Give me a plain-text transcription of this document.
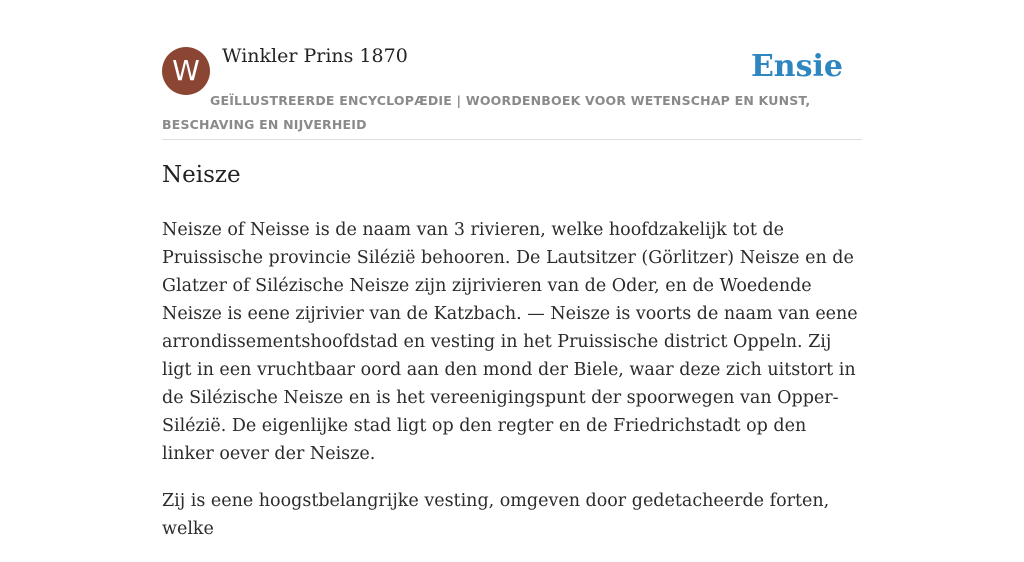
W	Winkler Prins 1870	Ensie
GEÏLLUSTREERDE ENCYCLOPÆDIE | WOORDENBOEK VOOR WETENSCHAP EN KUNST, BESCHAVING EN NIJVERHEID
Neisze

Neisze of Neisse is de naam van 3 rivieren, welke hoofdzakelijk tot de Pruissische provincie Silézië behooren. De Lautsitzer (Görlitzer) Neisze en de Glatzer of Silézische Neisze zijn zijrivieren van de Oder, en de Woedende Neisze is eene zijrivier van de Katzbach. — Neisze is voorts de naam van eene arrondissementshoofdstad en vesting in het Pruissische district Oppeln. Zij ligt in een vruchtbaar oord aan den mond der Biele, waar deze zich uitstort in de Silézische Neisze en is het vereenigingspunt der spoorwegen van Opper-Silézië. De eigenlijke stad ligt op den regter en de Friedrichstadt op den linker oever der Neisze.

Zij is eene hoogstbelangrijke vesting, omgeven door gedetacheerde forten, welke
